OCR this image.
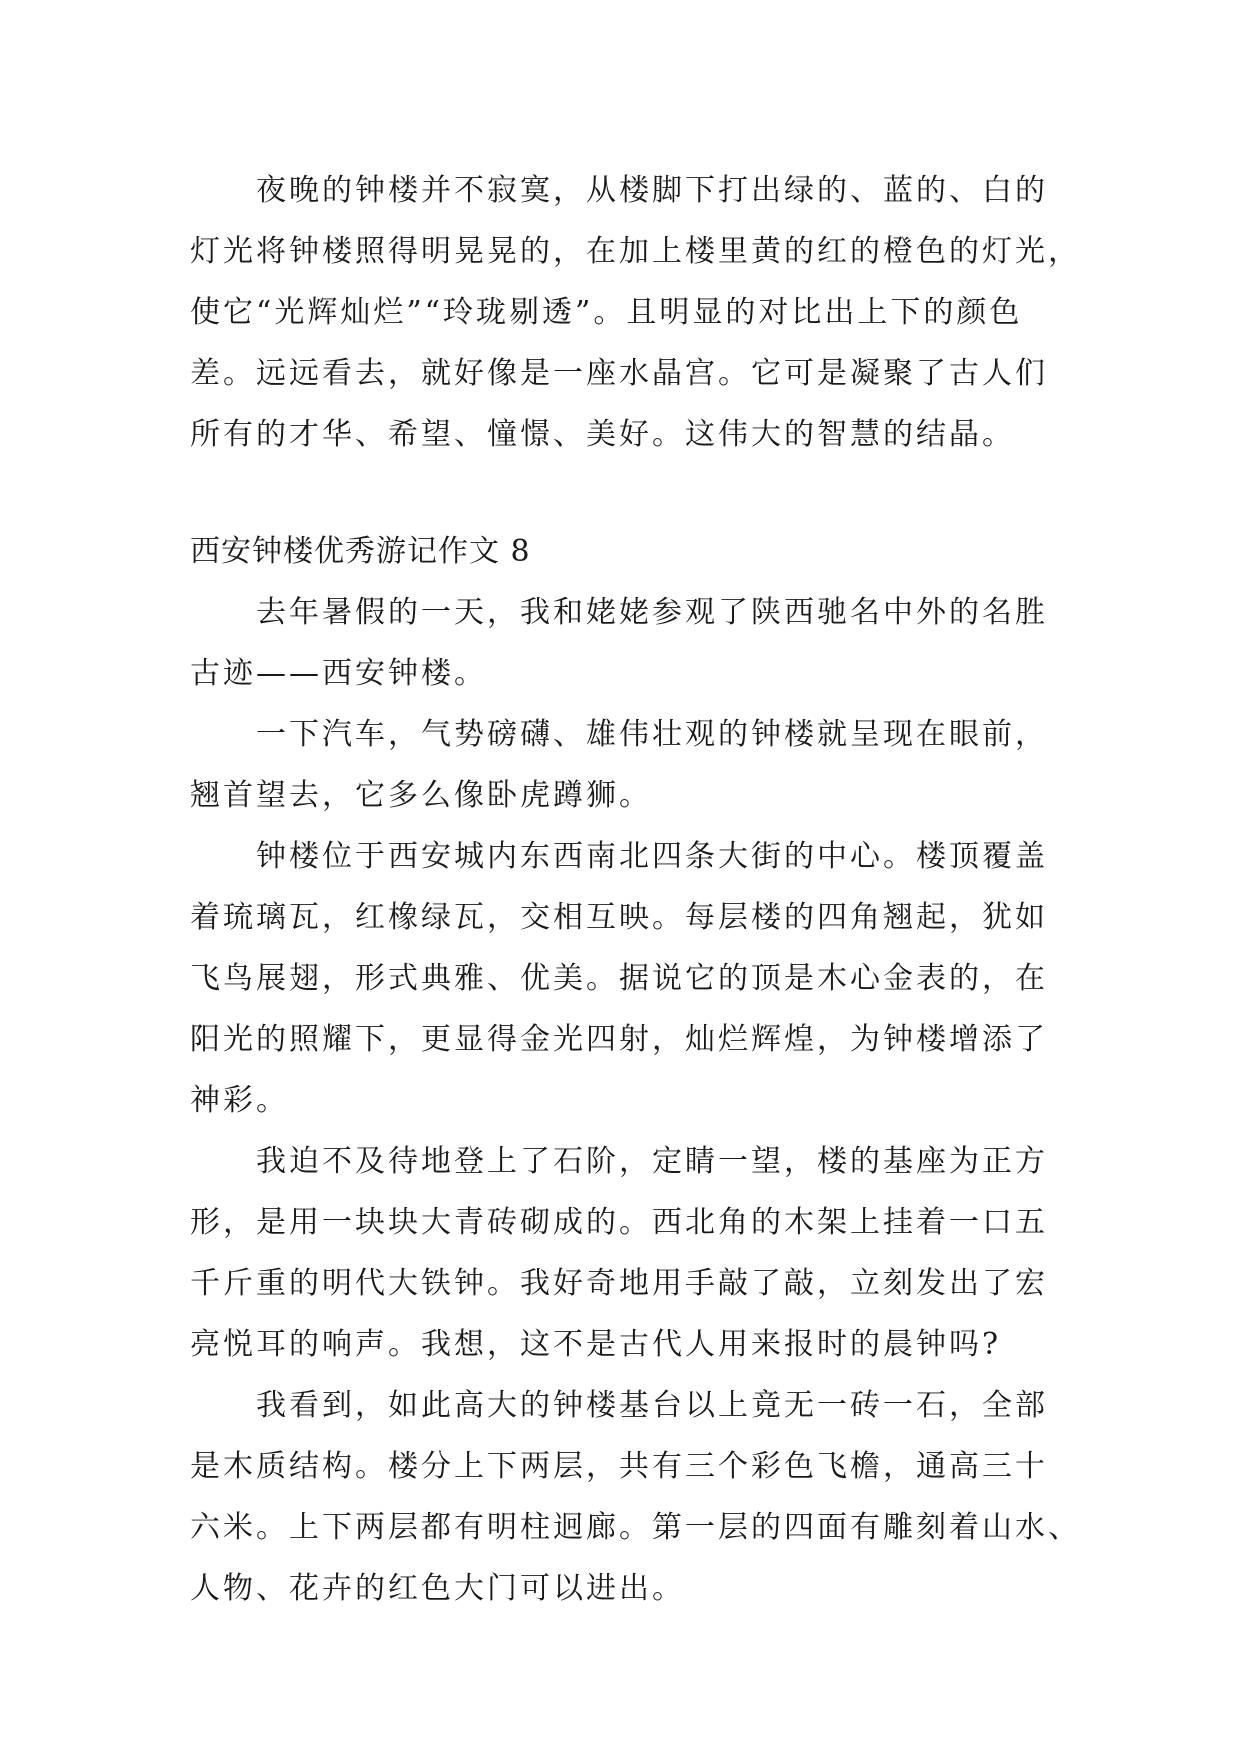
夜晚的钟楼并不寂寞，从楼脚下打出绿的、蓝的、白的
灯光将钟楼照得明晃晃的，在加上楼里黄的红的橙色的灯光，
使它“光辉灿烂”“玲珑剔透”。且明显的对比出上下的颜色
差。远远看去，就好像是一座水晶宫。它可是凝聚了古人们
所有的才华、希望、憧憬、美好。这伟大的智慧的结晶。
西安钟楼优秀游记作文 8
去年暑假的一天，我和姥姥参观了陕西驰名中外的名胜
古迹——西安钟楼。
一下汽车，气势磅礴、雄伟壮观的钟楼就呈现在眼前，
翘首望去，它多么像卧虎蹲狮。
钟楼位于西安城内东西南北四条大街的中心。楼顶覆盖
着琉璃瓦，红橡绿瓦，交相互映。每层楼的四角翘起，犹如
飞鸟展翅，形式典雅、优美。据说它的顶是木心金表的，在
阳光的照耀下，更显得金光四射，灿烂辉煌，为钟楼增添了
神彩。
我迫不及待地登上了石阶，定睛一望，楼的基座为正方
形，是用一块块大青砖砌成的。西北角的木架上挂着一口五
千斤重的明代大铁钟。我好奇地用手敲了敲，立刻发出了宏
亮悦耳的响声。我想，这不是古代人用来报时的晨钟吗?
我看到，如此高大的钟楼基台以上竟无一砖一石，全部
是木质结构。楼分上下两层，共有三个彩色飞檐，通高三十
六米。上下两层都有明柱迥廊。第一层的四面有雕刻着山水、
人物、花卉的红色大门可以进出。
